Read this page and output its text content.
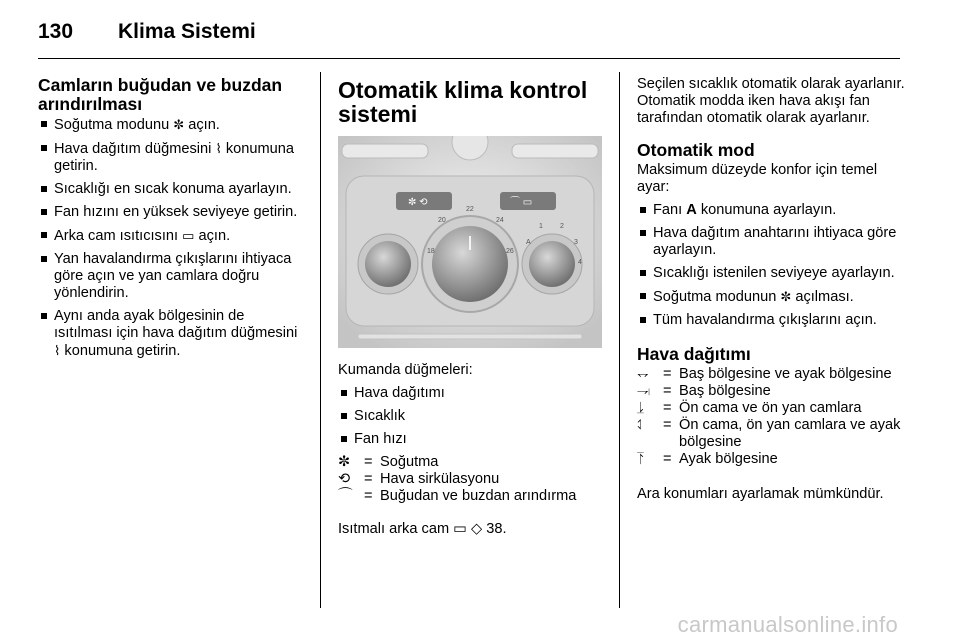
130 Klima Sistemi
Camların buğudan ve buzdan arındırılması
Soğutma modunu ✼ açın.
Hava dağıtım düğmesini ⌇ konumuna getirin.
Sıcaklığı en sıcak konuma ayarlayın.
Fan hızını en yüksek seviyeye getirin.
Arka cam ısıtıcısını ▭ açın.
Yan havalandırma çıkışlarını ihtiyaca göre açın ve yan camlara doğru yönlendirin.
Aynı anda ayak bölgesinin de ısıtılması için hava dağıtım düğmesini ⌇ konumuna getirin.
Otomatik klima kontrol sistemi
✼ ⟲	⌒ ▭
20
22
24
18	26
A
1 2
3
4

Kumanda düğmeleri:

Hava dağıtımı
Sıcaklık
Fan hızı
✼	=	Soğutma
⟲	=	Hava sirkülasyonu
⌒	=	Buğudan ve buzdan arındırma

Isıtmalı arka cam ▭ ◇ 38.

Seçilen sıcaklık otomatik olarak ayarlanır. Otomatik modda iken hava akışı fan tarafından otomatik olarak ayarlanır.

Otomatik mod

Maksimum düzeyde konfor için temel ayar:

Fanı A konumuna ayarlayın.
Hava dağıtım anahtarını ihtiyaca göre ayarlayın.
Sıcaklığı istenilen seviyeye ayarlayın.
Soğutma modunun ✼ açılması.
Tüm havalandırma çıkışlarını açın.
Hava dağıtımı
⥐	=	Baş bölgesine ve ayak bölgesine
⥗	=	Baş bölgesine
⥕	=	Ön cama ve ön yan camlara
⥑	=	Ön cama, ön yan camlara ve ayak bölgesine
⥔	=	Ayak bölgesine

Ara konumları ayarlamak mümkündür.

carmanualsonline.info
